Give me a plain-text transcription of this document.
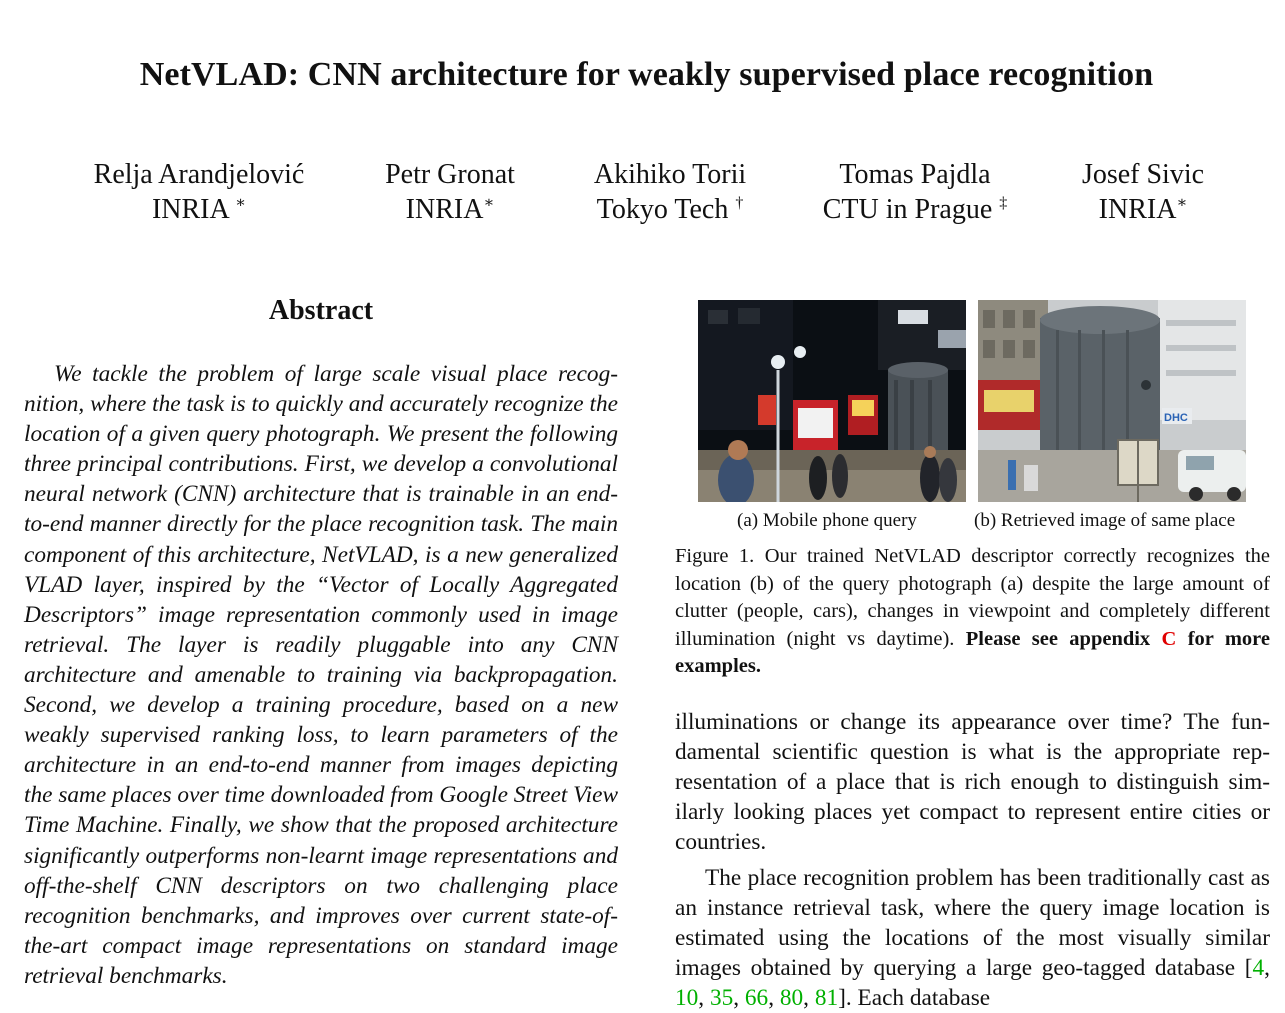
NetVLAD: CNN architecture for weakly supervised place recognition
Relja Arandjelović
INRIA ∗
Petr Gronat
INRIA∗
Akihiko Torii
Tokyo Tech †
Tomas Pajdla
CTU in Prague ‡
Josef Sivic
INRIA∗
Abstract

We tackle the problem of large scale visual place recognition, where the task is to quickly and accurately recognize the location of a given query photograph. We present the following three principal contributions. First, we develop a convolutional neural network (CNN) architecture that is trainable in an end-to-end manner directly for the place recognition task. The main component of this architecture, NetVLAD, is a new generalized VLAD layer, inspired by the “Vector of Locally Aggregated Descriptors” image representation commonly used in image retrieval. The layer is readily pluggable into any CNN architecture and amenable to training via backpropagation. Second, we develop a training procedure, based on a new weakly supervised ranking loss, to learn parameters of the architecture in an end-to-end manner from images depicting the same places over time downloaded from Google Street View Time Machine. Finally, we show that the proposed architecture significantly outperforms non-learnt image representations and off-the-shelf CNN descriptors on two challenging place recognition benchmarks, and improves over current state-of-the-art compact image representations on standard image retrieval benchmarks.

DHC
(a) Mobile phone query	(b) Retrieved image of same place

Figure 1. Our trained NetVLAD descriptor correctly recognizes the location (b) of the query photograph (a) despite the large amount of clutter (people, cars), changes in viewpoint and completely different illumination (night vs daytime). Please see appendix C for more examples.

illuminations or change its appearance over time? The fundamental scientific question is what is the appropriate representation of a place that is rich enough to distinguish similarly looking places yet compact to represent entire cities or countries.

The place recognition problem has been traditionally cast as an instance retrieval task, where the query image location is estimated using the locations of the most visually similar images obtained by querying a large geo-tagged database [4, 10, 35, 66, 80, 81]. Each database
